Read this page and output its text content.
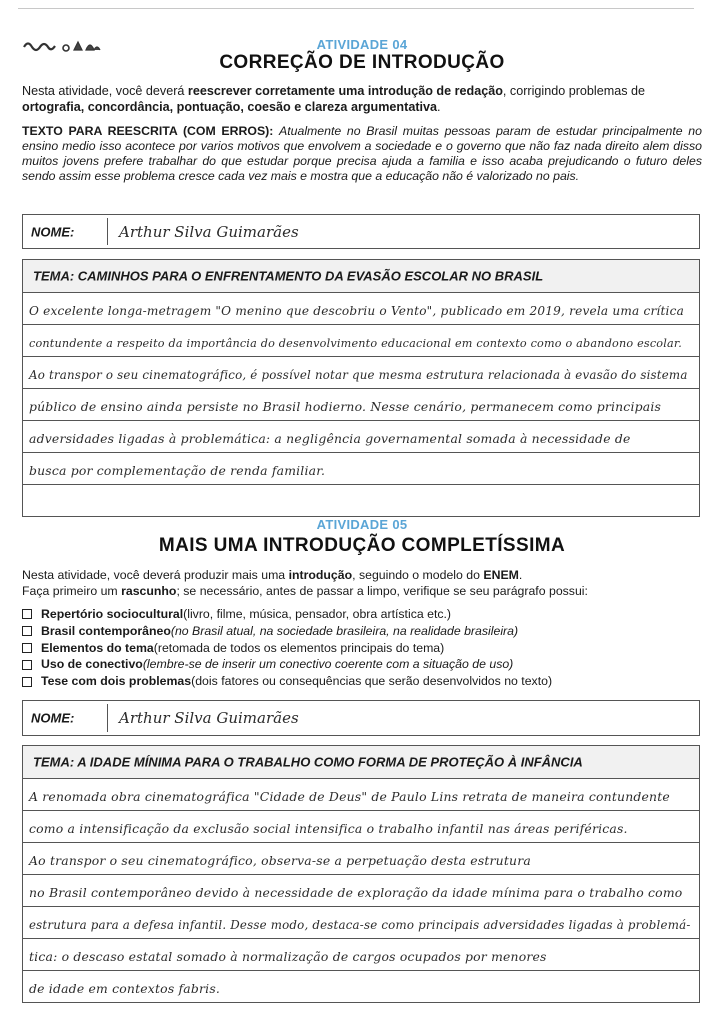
ATIVIDADE 04
CORREÇÃO DE INTRODUÇÃO
Nesta atividade, você deverá reescrever corretamente uma introdução de redação, corrigindo problemas de ortografia, concordância, pontuação, coesão e clareza argumentativa.
TEXTO PARA REESCRITA (COM ERROS): Atualmente no Brasil muitas pessoas param de estudar principalmente no ensino medio isso acontece por varios motivos que envolvem a sociedade e o governo que não faz nada direito alem disso muitos jovens prefere trabalhar do que estudar porque precisa ajuda a familia e isso acaba prejudicando o futuro deles sendo assim esse problema cresce cada vez mais e mostra que a educação não é valorizado no pais.
NOME:	Arthur Silva Guimarães
TEMA: CAMINHOS PARA O ENFRENTAMENTO DA EVASÃO ESCOLAR NO BRASIL
O excelente longa-metragem "O menino que descobriu o Vento", publicado em 2019, revela uma crítica
contundente a respeito da importância do desenvolvimento educacional em contexto como o abandono escolar.
Ao transpor o seu cinematográfico, é possível notar que mesma estrutura relacionada à evasão do sistema
público de ensino ainda persiste no Brasil hodierno. Nesse cenário, permanecem como principais
adversidades ligadas à problemática: a negligência governamental somada à necessidade de
busca por complementação de renda familiar.
ATIVIDADE 05
MAIS UMA INTRODUÇÃO COMPLETÍSSIMA
Nesta atividade, você deverá produzir mais uma introdução, seguindo o modelo do ENEM.
Faça primeiro um rascunho; se necessário, antes de passar a limpo, verifique se seu parágrafo possui:
Repertório sociocultural (livro, filme, música, pensador, obra artística etc.)
Brasil contemporâneo (no Brasil atual, na sociedade brasileira, na realidade brasileira)
Elementos do tema (retomada de todos os elementos principais do tema)
Uso de conectivo (lembre-se de inserir um conectivo coerente com a situação de uso)
Tese com dois problemas (dois fatores ou consequências que serão desenvolvidos no texto)
NOME:	Arthur Silva Guimarães
TEMA: A IDADE MÍNIMA PARA O TRABALHO COMO FORMA DE PROTEÇÃO À INFÂNCIA
A renomada obra cinematográfica "Cidade de Deus" de Paulo Lins retrata de maneira contundente
como a intensificação da exclusão social intensifica o trabalho infantil nas áreas periféricas.
Ao transpor o seu cinematográfico, observa-se a perpetuação desta estrutura
no Brasil contemporâneo devido à necessidade de exploração da idade mínima para o trabalho como
estrutura para a defesa infantil. Desse modo, destaca-se como principais adversidades ligadas à problemá-
tica: o descaso estatal somado à normalização de cargos ocupados por menores
de idade em contextos fabris.
